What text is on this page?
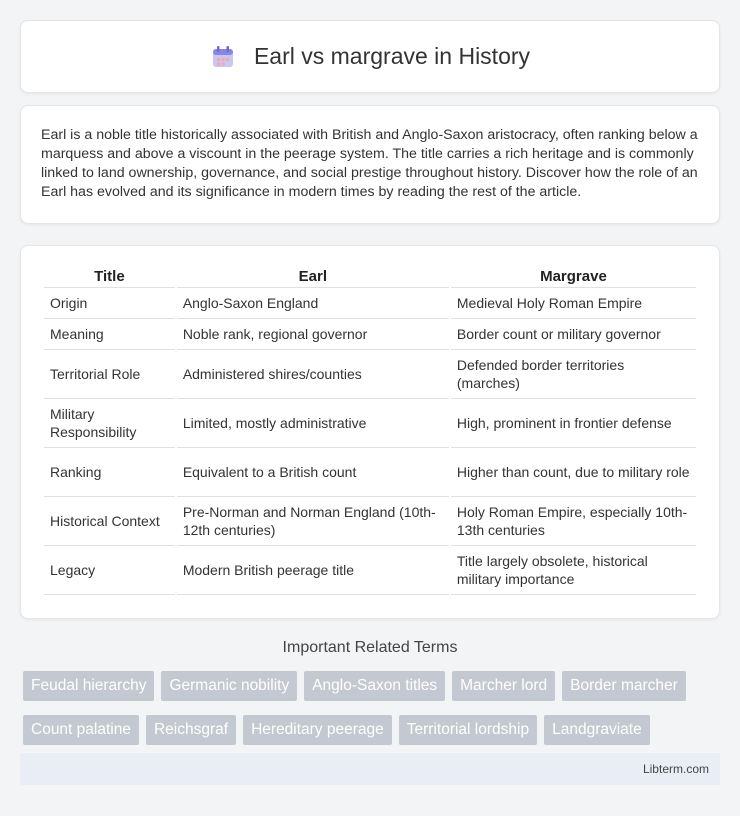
Earl vs margrave in History

Earl is a noble title historically associated with British and Anglo-Saxon aristocracy, often ranking below a marquess and above a viscount in the peerage system. The title carries a rich heritage and is commonly linked to land ownership, governance, and social prestige throughout history. Discover how the role of an Earl has evolved and its significance in modern times by reading the rest of the article.

Title	Earl	Margrave
Origin	Anglo-Saxon England	Medieval Holy Roman Empire
Meaning	Noble rank, regional governor	Border count or military governor
Territorial Role	Administered shires/counties	Defended border territories (marches)
Military Responsibility	Limited, mostly administrative	High, prominent in frontier defense
Ranking	Equivalent to a British count	Higher than count, due to military role
Historical Context	Pre-Norman and Norman England (10th-12th centuries)	Holy Roman Empire, especially 10th-13th centuries
Legacy	Modern British peerage title	Title largely obsolete, historical military importance
Important Related Terms
Feudal hierarchy	Germanic nobility	Anglo-Saxon titles	Marcher lord	Border marcher
Count palatine	Reichsgraf	Hereditary peerage	Territorial lordship	Landgraviate
Libterm.com
